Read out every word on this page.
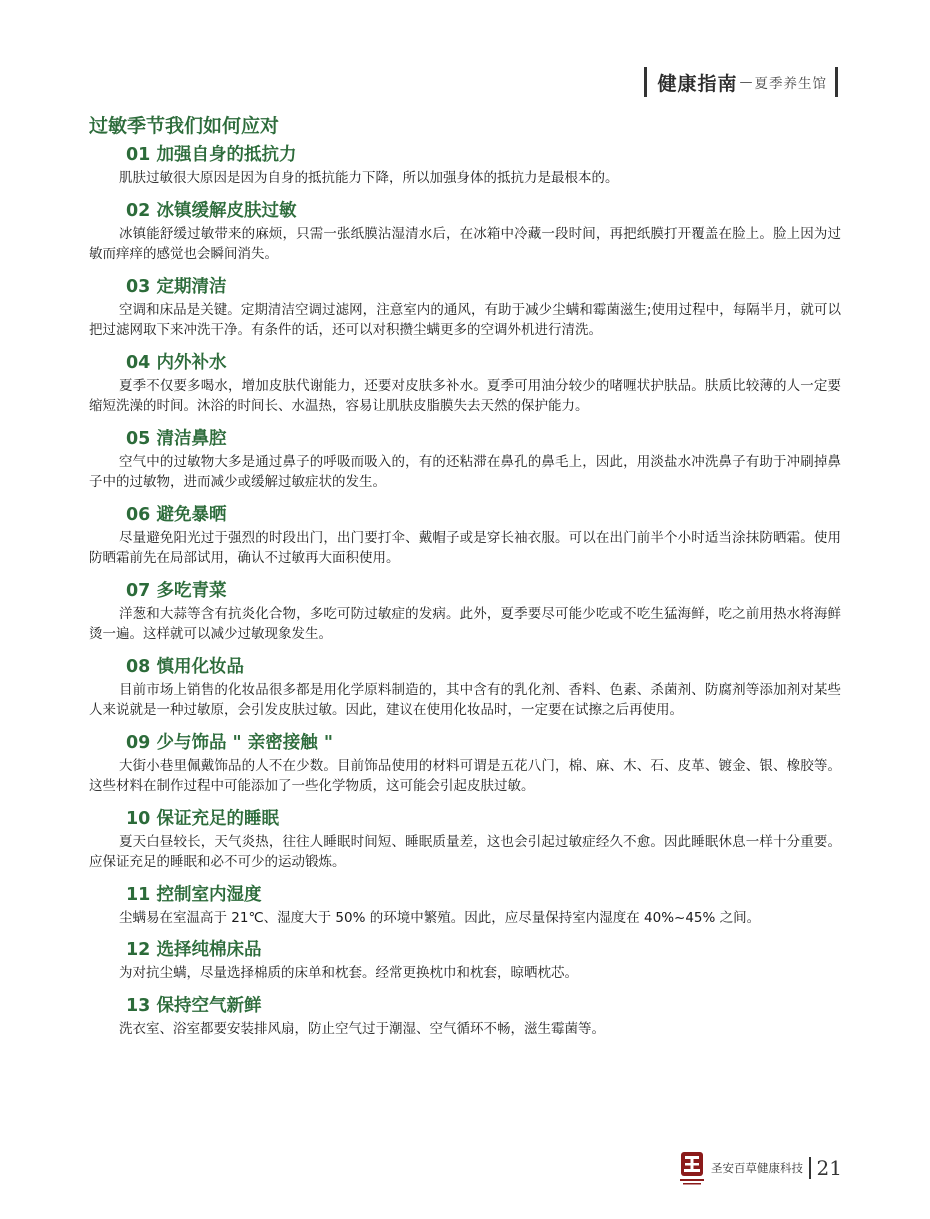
健康指南 — 夏季养生馆
过敏季节我们如何应对
01 加强自身的抵抗力

肌肤过敏很大原因是因为自身的抵抗能力下降，所以加强身体的抵抗力是最根本的。

02 冰镇缓解皮肤过敏

冰镇能舒缓过敏带来的麻烦，只需一张纸膜沾湿清水后，在冰箱中冷藏一段时间，再把纸膜打开覆盖在脸上。脸上因为过敏而痒痒的感觉也会瞬间消失。

03 定期清洁

空调和床品是关键。定期清洁空调过滤网，注意室内的通风，有助于减少尘螨和霉菌滋生;使用过程中，每隔半月，就可以把过滤网取下来冲洗干净。有条件的话，还可以对积攒尘螨更多的空调外机进行清洗。

04 内外补水

夏季不仅要多喝水，增加皮肤代谢能力，还要对皮肤多补水。夏季可用油分较少的啫喱状护肤品。肤质比较薄的人一定要缩短洗澡的时间。沐浴的时间长、水温热，容易让肌肤皮脂膜失去天然的保护能力。

05 清洁鼻腔

空气中的过敏物大多是通过鼻子的呼吸而吸入的，有的还粘滞在鼻孔的鼻毛上，因此，用淡盐水冲洗鼻子有助于冲刷掉鼻子中的过敏物，进而减少或缓解过敏症状的发生。

06 避免暴晒

尽量避免阳光过于强烈的时段出门，出门要打伞、戴帽子或是穿长袖衣服。可以在出门前半个小时适当涂抹防晒霜。使用防晒霜前先在局部试用，确认不过敏再大面积使用。

07 多吃青菜

洋葱和大蒜等含有抗炎化合物，多吃可防过敏症的发病。此外，夏季要尽可能少吃或不吃生猛海鲜，吃之前用热水将海鲜烫一遍。这样就可以减少过敏现象发生。

08 慎用化妆品

目前市场上销售的化妆品很多都是用化学原料制造的，其中含有的乳化剂、香料、色素、杀菌剂、防腐剂等添加剂对某些人来说就是一种过敏原，会引发皮肤过敏。因此，建议在使用化妆品时，一定要在试擦之后再使用。

09 少与饰品 " 亲密接触 "

大街小巷里佩戴饰品的人不在少数。目前饰品使用的材料可谓是五花八门，棉、麻、木、石、皮革、镀金、银、橡胶等。这些材料在制作过程中可能添加了一些化学物质，这可能会引起皮肤过敏。

10 保证充足的睡眠

夏天白昼较长，天气炎热，往往人睡眠时间短、睡眠质量差，这也会引起过敏症经久不愈。因此睡眠休息一样十分重要。应保证充足的睡眠和必不可少的运动锻炼。

11 控制室内湿度

尘螨易在室温高于 21℃、湿度大于 50% 的环境中繁殖。因此，应尽量保持室内湿度在 40%~45% 之间。

12 选择纯棉床品

为对抗尘螨，尽量选择棉质的床单和枕套。经常更换枕巾和枕套，晾晒枕芯。

13 保持空气新鲜

洗衣室、浴室都要安装排风扇，防止空气过于潮湿、空气循环不畅，滋生霉菌等。

圣安百草健康科技 21
